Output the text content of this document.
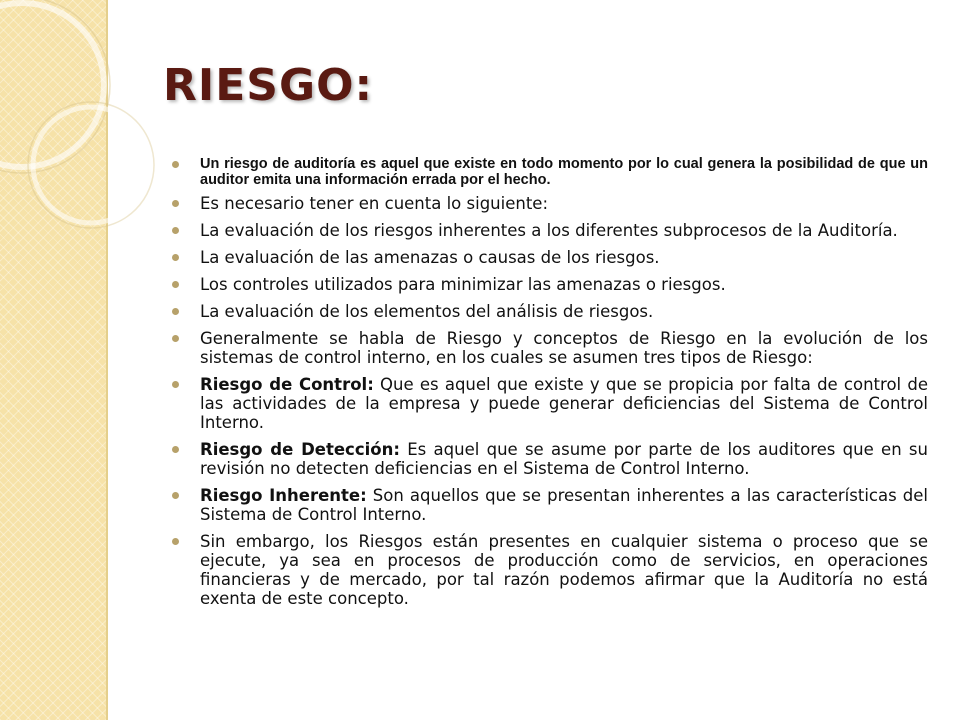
RIESGO:
Un riesgo de auditoría es aquel que existe en todo momento por lo cual genera la posibilidad de que un auditor emita una información errada por el hecho.
Es necesario tener en cuenta lo siguiente:
La evaluación de los riesgos inherentes a los diferentes subprocesos de la Auditoría.
La evaluación de las amenazas o causas de los riesgos.
Los controles utilizados para minimizar las amenazas o riesgos.
La evaluación de los elementos del análisis de riesgos.
Generalmente se habla de Riesgo y conceptos de Riesgo en la evolución de los sistemas de control interno, en los cuales se asumen tres tipos de Riesgo:
Riesgo de Control: Que es aquel que existe y que se propicia por falta de control de las actividades de la empresa y puede generar deficiencias del Sistema de Control Interno.
Riesgo de Detección: Es aquel que se asume por parte de los auditores que en su revisión no detecten deficiencias en el Sistema de Control Interno.
Riesgo Inherente: Son aquellos que se presentan inherentes a las características del Sistema de Control Interno.
Sin embargo, los Riesgos están presentes en cualquier sistema o proceso que se ejecute, ya sea en procesos de producción como de servicios, en operaciones financieras y de mercado, por tal razón podemos afirmar que la Auditoría no está exenta de este concepto.
